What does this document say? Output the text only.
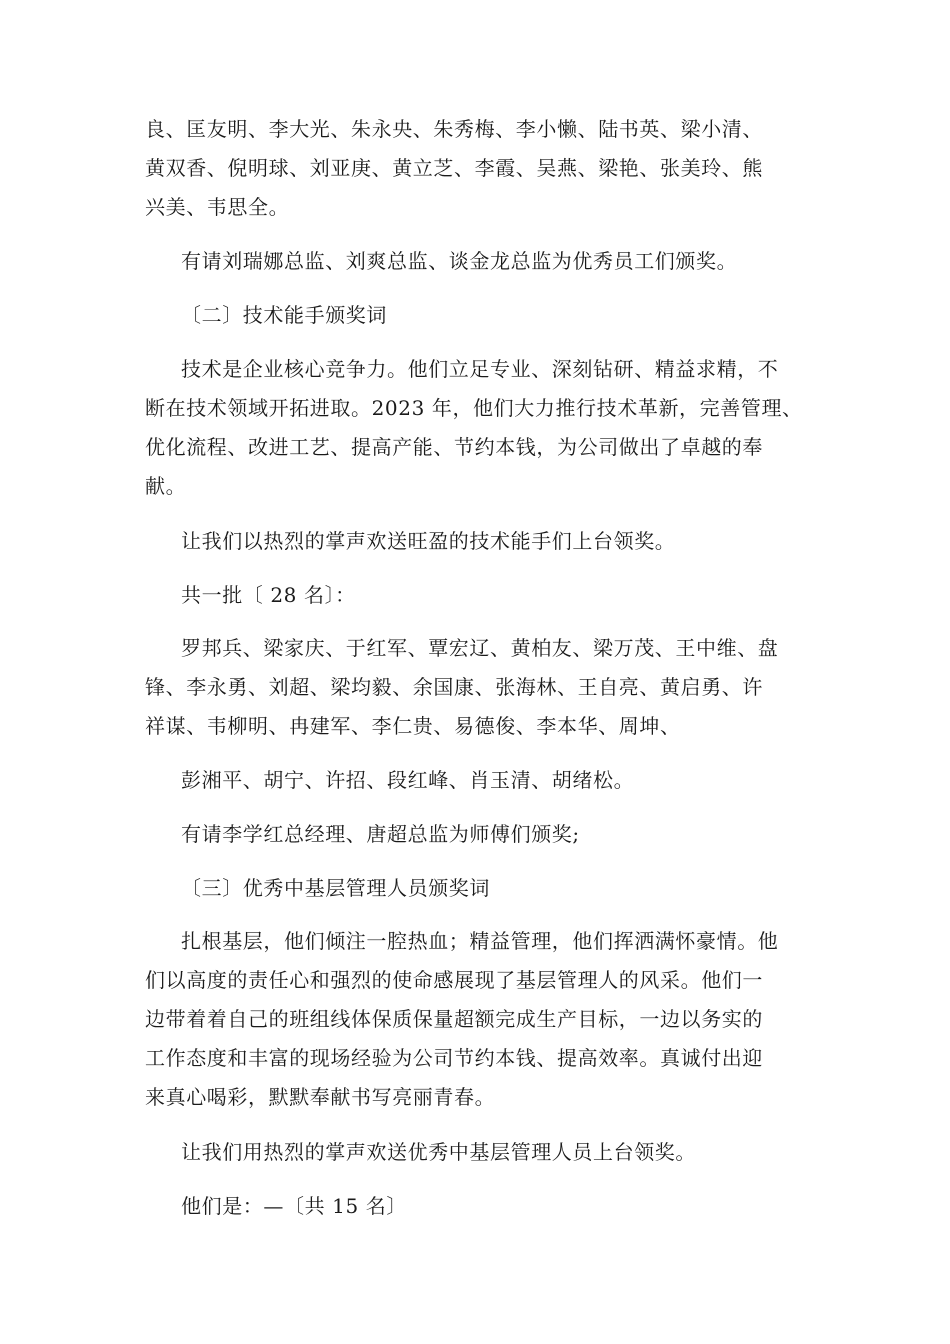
良、匡友明、李大光、朱永央、朱秀梅、李小懒、陆书英、梁小清、
黄双香、倪明球、刘亚庚、黄立芝、李霞、吴燕、梁艳、张美玲、熊
兴美、韦思全。
有请刘瑞娜总监、刘爽总监、谈金龙总监为优秀员工们颁奖。
〔二〕技术能手颁奖词
技术是企业核心竞争力。他们立足专业、深刻钻研、精益求精，不
断在技术领域开拓进取。2023 年，他们大力推行技术革新，完善管理、
优化流程、改进工艺、提高产能、节约本钱，为公司做出了卓越的奉
献。
让我们以热烈的掌声欢送旺盈的技术能手们上台领奖。
共一批〔 28 名〕：
罗邦兵、梁家庆、于红军、覃宏辽、黄柏友、梁万茂、王中维、盘
锋、李永勇、刘超、梁均毅、余国康、张海林、王自亮、黄启勇、许
祥谋、韦柳明、冉建军、李仁贵、易德俊、李本华、周坤、
彭湘平、胡宁、许招、段红峰、肖玉清、胡绪松。
有请李学红总经理、唐超总监为师傅们颁奖;
〔三〕优秀中基层管理人员颁奖词
扎根基层，他们倾注一腔热血；精益管理，他们挥洒满怀豪情。他
们以高度的责任心和强烈的使命感展现了基层管理人的风采。他们一
边带着着自己的班组线体保质保量超额完成生产目标，一边以务实的
工作态度和丰富的现场经验为公司节约本钱、提高效率。真诚付出迎
来真心喝彩，默默奉献书写亮丽青春。
让我们用热烈的掌声欢送优秀中基层管理人员上台领奖。
他们是：—〔共 15 名〕
